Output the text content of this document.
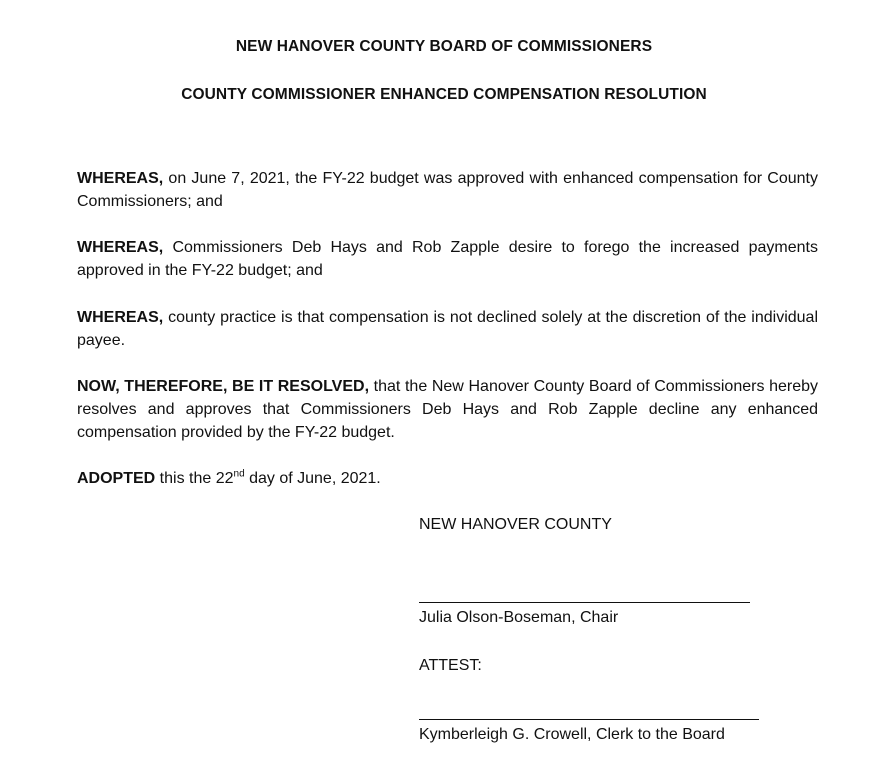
NEW HANOVER COUNTY BOARD OF COMMISSIONERS
COUNTY COMMISSIONER ENHANCED COMPENSATION RESOLUTION

WHEREAS, on June 7, 2021, the FY-22 budget was approved with enhanced compensation for County Commissioners; and

WHEREAS, Commissioners Deb Hays and Rob Zapple desire to forego the increased payments approved in the FY-22 budget; and

WHEREAS, county practice is that compensation is not declined solely at the discretion of the individual payee.

NOW, THEREFORE, BE IT RESOLVED, that the New Hanover County Board of Commissioners hereby resolves and approves that Commissioners Deb Hays and Rob Zapple decline any enhanced compensation provided by the FY-22 budget.

ADOPTED this the 22nd day of June, 2021.

NEW HANOVER COUNTY
Julia Olson-Boseman, Chair
ATTEST:
Kymberleigh G. Crowell, Clerk to the Board
